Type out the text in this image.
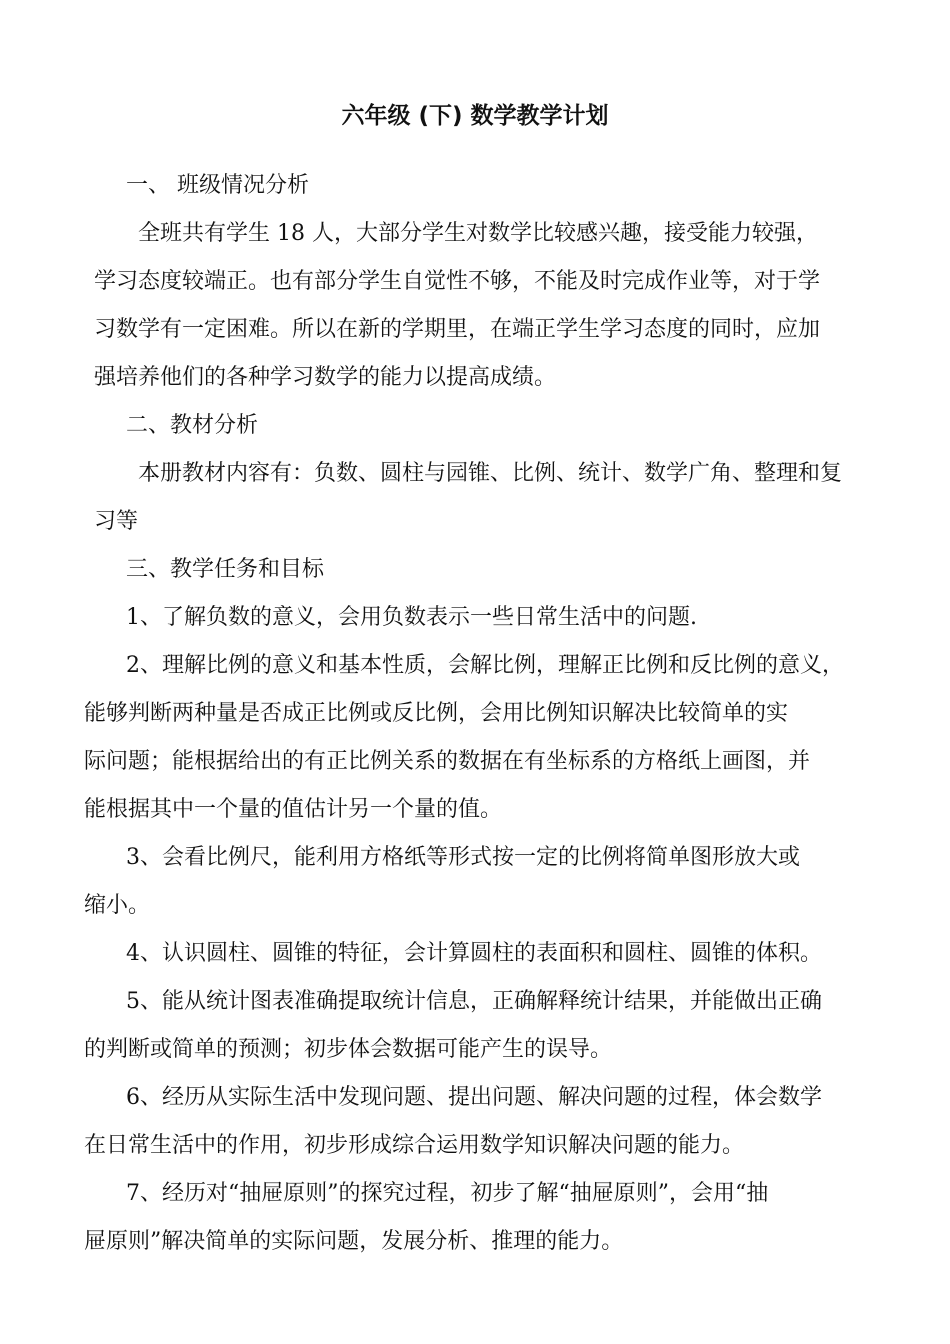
六年级 (下) 数学教学计划
一、 班级情况分析
全班共有学生 18 人，大部分学生对数学比较感兴趣，接受能力较强，
学习态度较端正。也有部分学生自觉性不够，不能及时完成作业等，对于学
习数学有一定困难。所以在新的学期里，在端正学生学习态度的同时，应加
强培养他们的各种学习数学的能力以提高成绩。
二、教材分析
本册教材内容有：负数、圆柱与园锥、比例、统计、数学广角、整理和复
习等
三、教学任务和目标
1、了解负数的意义，会用负数表示一些日常生活中的问题.
2、理解比例的意义和基本性质，会解比例，理解正比例和反比例的意义，
能够判断两种量是否成正比例或反比例，会用比例知识解决比较简单的实
际问题；能根据给出的有正比例关系的数据在有坐标系的方格纸上画图，并
能根据其中一个量的值估计另一个量的值。
3、会看比例尺，能利用方格纸等形式按一定的比例将简单图形放大或
缩小。
4、认识圆柱、圆锥的特征，会计算圆柱的表面积和圆柱、圆锥的体积。
5、能从统计图表准确提取统计信息，正确解释统计结果，并能做出正确
的判断或简单的预测；初步体会数据可能产生的误导。
6、经历从实际生活中发现问题、提出问题、解决问题的过程，体会数学
在日常生活中的作用，初步形成综合运用数学知识解决问题的能力。
7、经历对“抽屉原则”的探究过程，初步了解“抽屉原则”，会用“抽
屉原则”解决简单的实际问题，发展分析、推理的能力。
